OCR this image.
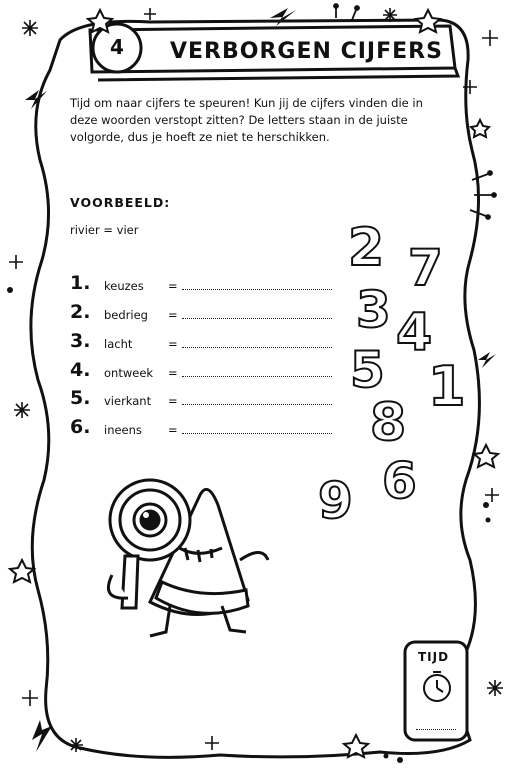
2 7
3 4
5 1
8
9 6
4	VERBORGEN CIJFERS
Tijd om naar cijfers te speuren! Kun jij de cijfers vinden die in deze woorden verstopt zitten? De letters staan in de juiste volgorde, dus je hoeft ze niet te herschikken.
VOORBEELD:
rivier = vier
1. keuzes =
2. bedrieg =
3. lacht	=
4. ontweek =
5. vierkant =
6. ineens =
TIJD
